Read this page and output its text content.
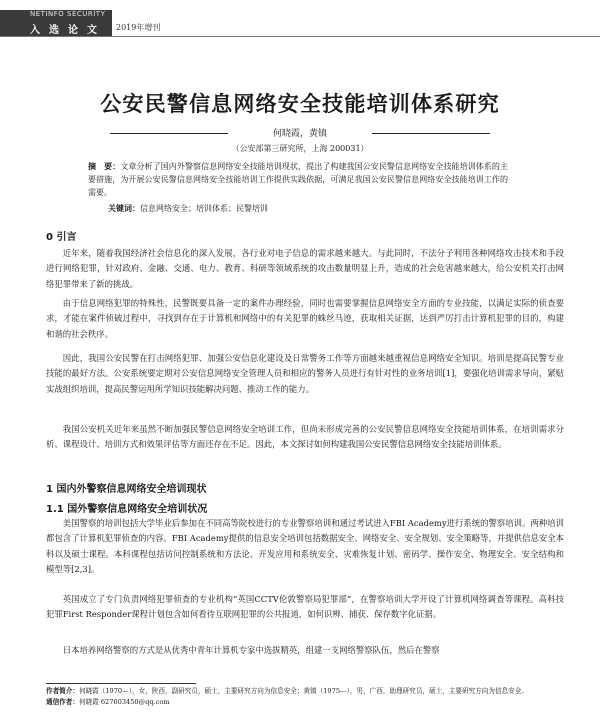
NETINFO SECURITY
入选论文 2019年增刊
公安民警信息网络安全技能培训体系研究
何晓霞，黄镇
（公安部第三研究所，上海 200031）
摘　要：文章分析了国内外警察信息网络安全技能培训现状，提出了构建我国公安民警信息网络安全技能培训体系的主要措施，为开展公安民警信息网络安全技能培训工作提供实践依据，可满足我国公安民警信息网络安全技能培训工作的需要。
关键词：信息网络安全；培训体系；民警培训
0 引言
近年来，随着我国经济社会信息化的深入发展，各行业对电子信息的需求越来越大。与此同时，不法分子利用各种网络攻击技术和手段进行网络犯罪，针对政府、金融、交通、电力、教育、科研等领域系统的攻击数量明显上升，造成的社会危害越来越大，给公安机关打击网络犯罪带来了新的挑战。
由于信息网络犯罪的特殊性，民警既要具备一定的案件办理经验，同时也需要掌握信息网络安全方面的专业技能，以满足实际的侦查要求，才能在案件侦破过程中，寻找到存在于计算机和网络中的有关犯罪的蛛丝马迹，获取相关证据，达到严厉打击计算机犯罪的目的，构建和谐的社会秩序。
因此，我国公安民警在打击网络犯罪、加强公安信息化建设及日常警务工作等方面越来越重视信息网络安全知识。培训是提高民警专业技能的最好方法。公安系统要定期对公安信息网络安全管理人员和相应的警务人员进行有针对性的业务培训[1]，要强化培训需求导向，紧贴实战组织培训，提高民警运用所学知识技能解决问题、推动工作的能力。
我国公安机关近年来虽然不断加强民警信息网络安全培训工作，但尚未形成完善的公安民警信息网络安全技能培训体系，在培训需求分析、课程设计、培训方式和效果评估等方面还存在不足。因此，本文探讨如何构建我国公安民警信息网络安全技能培训体系。
1 国内外警察信息网络安全培训现状
1.1 国外警察信息网络安全培训状况
美国警察的培训包括大学毕业后参加在不同高等院校进行的专业警察培训和通过考试进入FBI Academy进行系统的警察培训。两种培训都包含了计算机犯罪侦查的内容。FBI Academy提供的信息安全培训包括数据安全、网络安全、安全规划、安全策略等，并提供信息安全本科以及硕士课程。本科课程包括访问控制系统和方法论、开发应用和系统安全、灾难恢复计划、密码学、操作安全、物理安全、安全结构和模型等[2,3]。
英国成立了专门负责网络犯罪侦查的专业机构“英国CCTV伦敦警察局犯罪部”，在警察培训大学开设了计算机网络调查等课程。高科技犯罪First Responder课程计划包含如何看待互联网犯罪的公共报道，如何识辨、捕获、保存数字化证据。
日本培养网络警察的方式是从优秀中青年计算机专家中选拔精英，组建一支网络警察队伍，然后在警察
作者简介：何晓霞（1970—），女，陕西，副研究员，硕士，主要研究方向为信息安全；黄镇（1975—），男，广西，助理研究员，硕士，主要研究方向为信息安全。
通信作者：何晓霞 627603450@qq.com
